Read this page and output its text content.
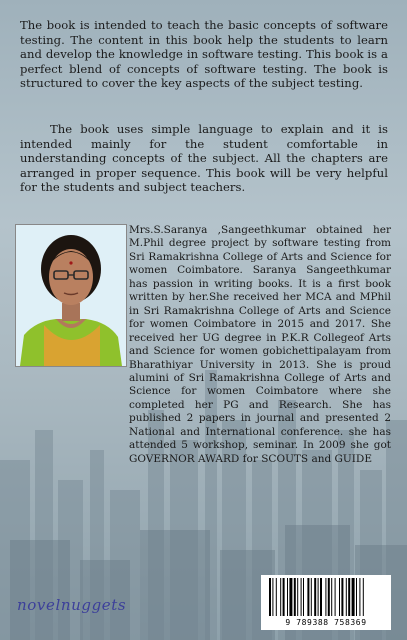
The book is intended to teach the basic concepts of software testing. The content in this book help the students to learn and develop the knowledge in software testing. This book is a perfect blend of concepts of software testing. The book is structured to cover the key aspects of the subject testing.

The book uses simple language to explain and it is intended mainly for the student comfortable in understanding concepts of the subject. All the chapters are arranged in proper sequence. This book will be very helpful for the students and subject teachers.

Mrs.S.Saranya ,Sangeethkumar obtained her M.Phil degree project by software testing from Sri Ramakrishna College of Arts and Science for women Coimbatore. Saranya Sangeethkumar has passion in writing books. It is a first book written by her.She received her MCA and MPhil in Sri Ramakrishna College of Arts and Science for women Coimbatore in 2015 and 2017. She received her UG degree in P.K.R Collegeof Arts and Science for women gobichettipalayam from Bharathiyar University in 2013. She is proud alumini of Sri Ramakrishna College of Arts and Science for women Coimbatore where she completed her PG and Research. She has published 2 papers in journal and presented 2 National and International conference. she has attended 5 workshop, seminar. In 2009 she got GOVERNOR AWARD for SCOUTS and GUIDE

novelnuggets
9 789388 758369
